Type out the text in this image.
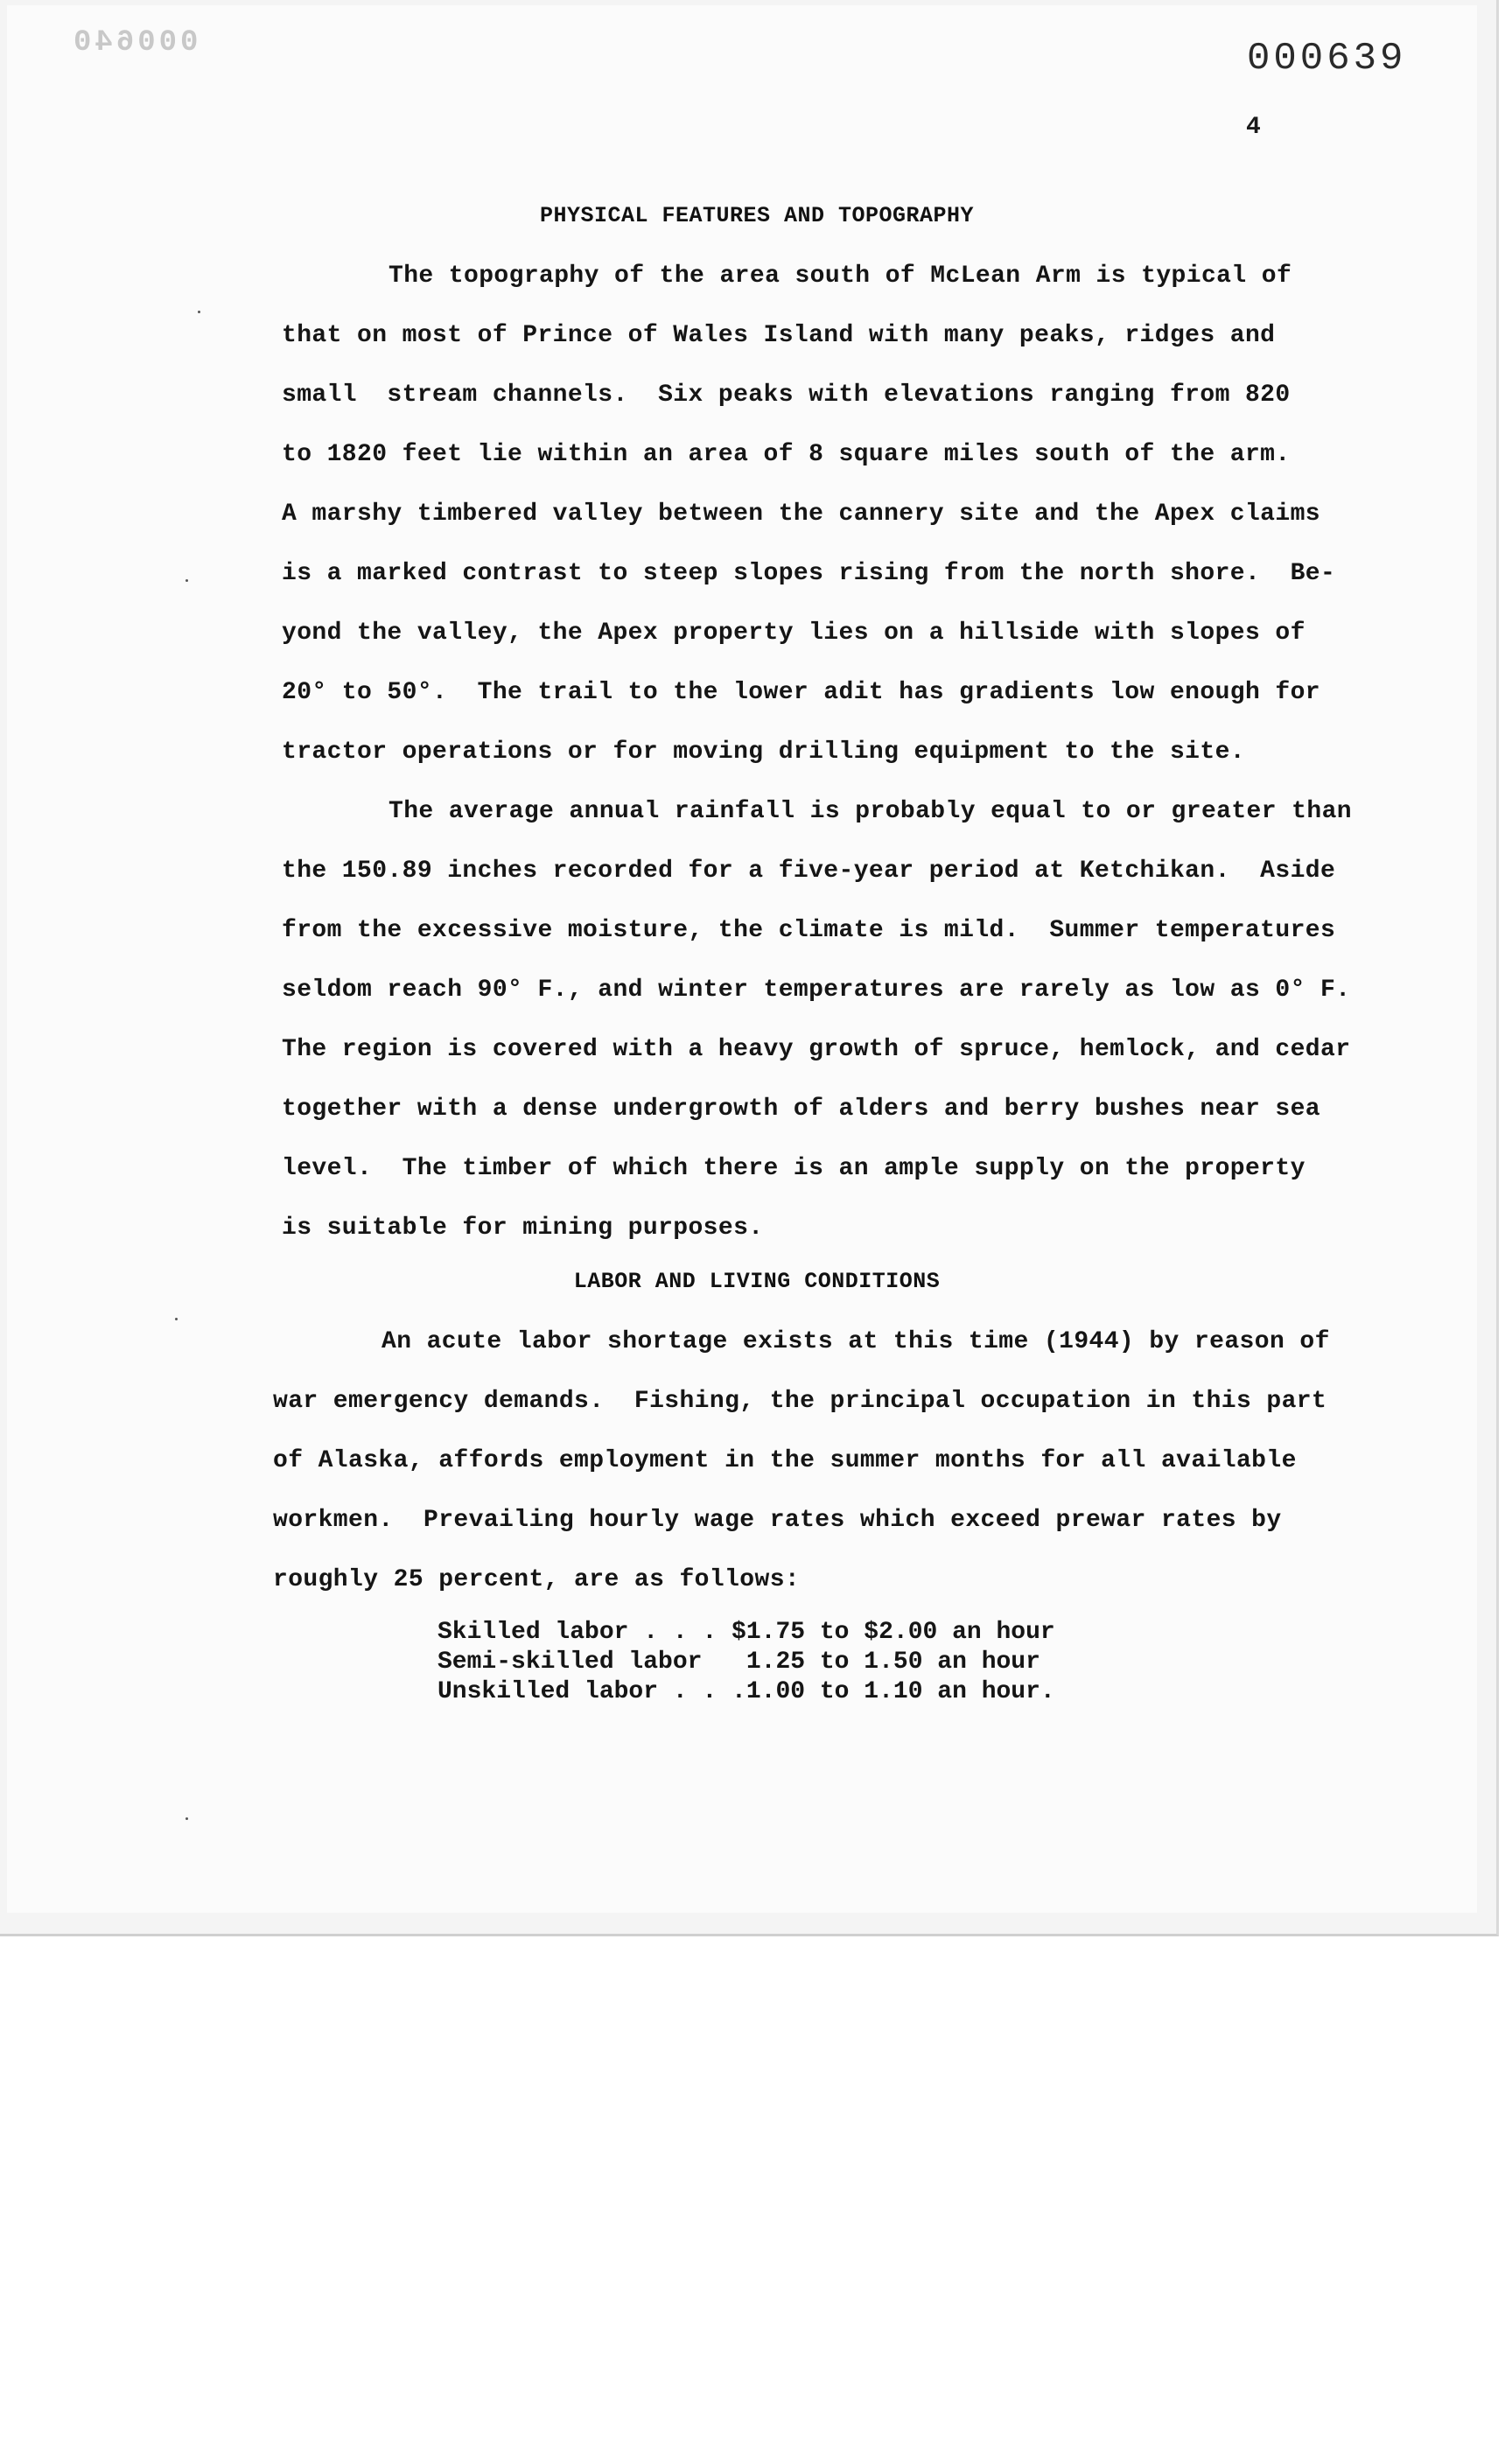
000640	000639
4
PHYSICAL FEATURES AND TOPOGRAPHY
The topography of the area south of McLean Arm is typical of
that on most of Prince of Wales Island with many peaks, ridges and
small  stream channels.  Six peaks with elevations ranging from 820
to 1820 feet lie within an area of 8 square miles south of the arm.
A marshy timbered valley between the cannery site and the Apex claims
is a marked contrast to steep slopes rising from the north shore.  Be-
yond the valley, the Apex property lies on a hillside with slopes of
20° to 50°.  The trail to the lower adit has gradients low enough for
tractor operations or for moving drilling equipment to the site.
The average annual rainfall is probably equal to or greater than
the 150.89 inches recorded for a five-year period at Ketchikan.  Aside
from the excessive moisture, the climate is mild.  Summer temperatures
seldom reach 90° F., and winter temperatures are rarely as low as 0° F.
The region is covered with a heavy growth of spruce, hemlock, and cedar
together with a dense undergrowth of alders and berry bushes near sea
level.  The timber of which there is an ample supply on the property
is suitable for mining purposes.
LABOR AND LIVING CONDITIONS
An acute labor shortage exists at this time (1944) by reason of
war emergency demands.  Fishing, the principal occupation in this part
of Alaska, affords employment in the summer months for all available
workmen.  Prevailing hourly wage rates which exceed prewar rates by
roughly 25 percent, are as follows:
Skilled labor . . . $1.75 to $2.00 an hour
Semi-skilled labor   1.25 to 1.50 an hour
Unskilled labor . . .1.00 to 1.10 an hour.
